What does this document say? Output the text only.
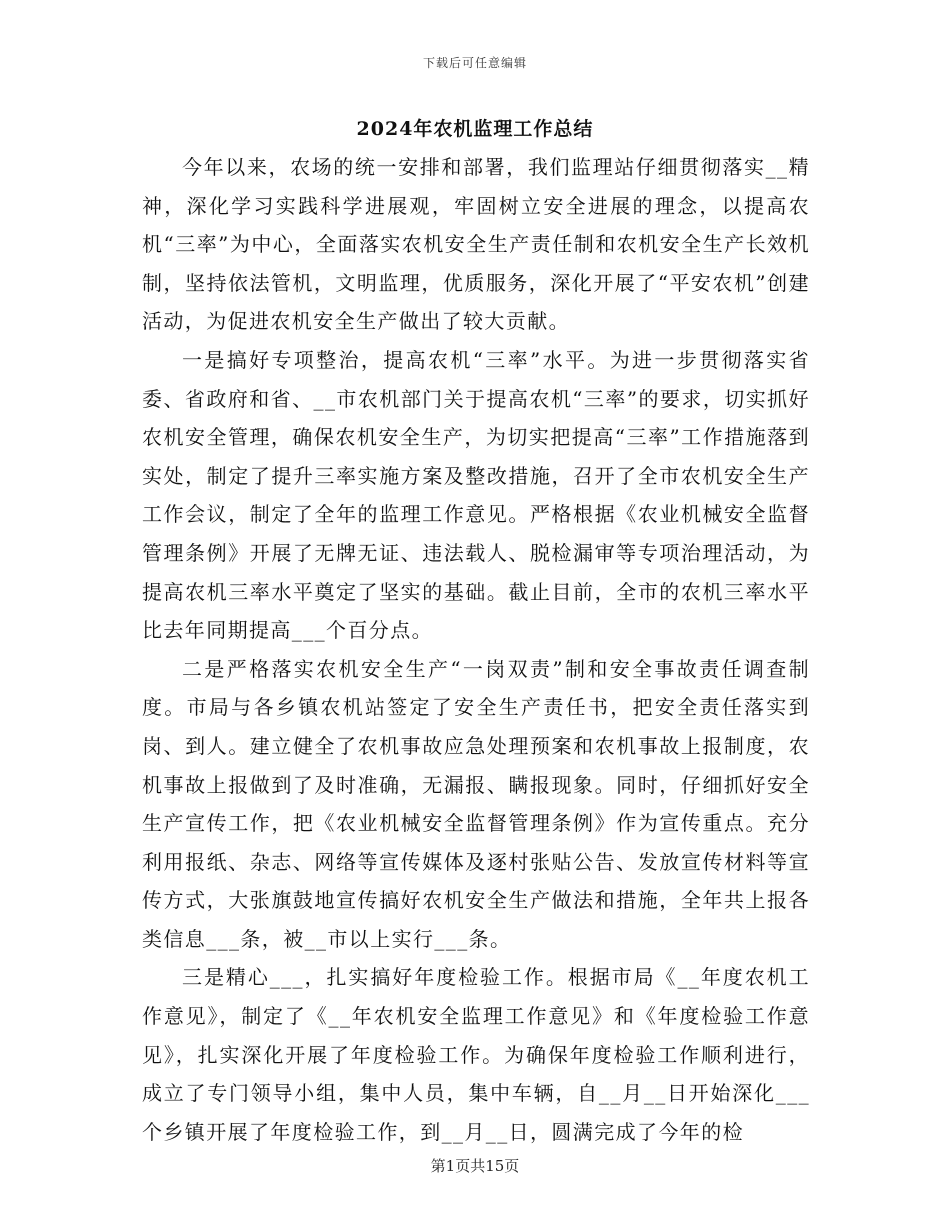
下载后可任意编辑
2024年农机监理工作总结

今年以来，农场的统一安排和部署，我们监理站仔细贯彻落实__精神，深化学习实践科学进展观，牢固树立安全进展的理念，以提高农机“三率”为中心，全面落实农机安全生产责任制和农机安全生产长效机制，坚持依法管机，文明监理，优质服务，深化开展了“平安农机”创建活动，为促进农机安全生产做出了较大贡献。

一是搞好专项整治，提高农机“三率”水平。为进一步贯彻落实省委、省政府和省、__市农机部门关于提高农机“三率”的要求，切实抓好农机安全管理，确保农机安全生产，为切实把提高“三率”工作措施落到实处，制定了提升三率实施方案及整改措施，召开了全市农机安全生产工作会议，制定了全年的监理工作意见。严格根据《农业机械安全监督管理条例》开展了无牌无证、违法载人、脱检漏审等专项治理活动，为提高农机三率水平奠定了坚实的基础。截止目前，全市的农机三率水平比去年同期提高___个百分点。

二是严格落实农机安全生产“一岗双责”制和安全事故责任调查制度。市局与各乡镇农机站签定了安全生产责任书，把安全责任落实到岗、到人。建立健全了农机事故应急处理预案和农机事故上报制度，农机事故上报做到了及时准确，无漏报、瞒报现象。同时，仔细抓好安全生产宣传工作，把《农业机械安全监督管理条例》作为宣传重点。充分利用报纸、杂志、网络等宣传媒体及逐村张贴公告、发放宣传材料等宣传方式，大张旗鼓地宣传搞好农机安全生产做法和措施，全年共上报各类信息___条，被__市以上实行___条。

三是精心___，扎实搞好年度检验工作。根据市局《__年度农机工作意见》，制定了《__年农机安全监理工作意见》和《年度检验工作意见》，扎实深化开展了年度检验工作。为确保年度检验工作顺利进行，成立了专门领导小组，集中人员，集中车辆，自__月__日开始深化___个乡镇开展了年度检验工作，到__月__日，圆满完成了今年的检

第1页共15页
